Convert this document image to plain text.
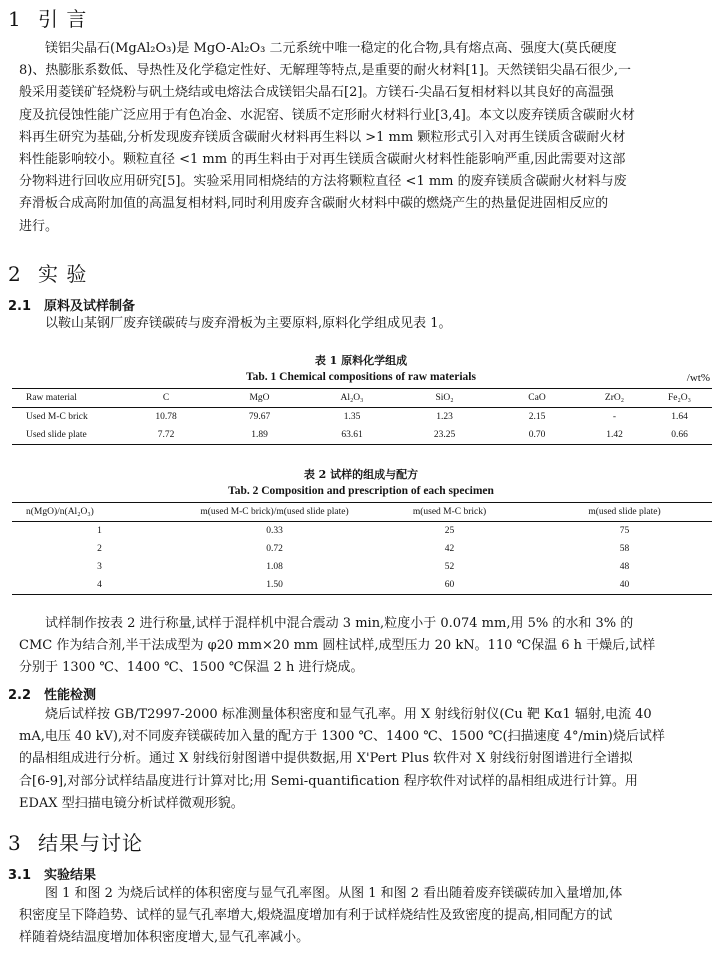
1 引 言
镁铝尖晶石(MgAl₂O₃)是 MgO-Al₂O₃ 二元系统中唯一稳定的化合物,具有熔点高、强度大(莫氏硬度
8)、热膨胀系数低、导热性及化学稳定性好、无解理等特点,是重要的耐火材料[1]。天然镁铝尖晶石很少,一
般采用菱镁矿轻烧粉与矾土烧结或电熔法合成镁铝尖晶石[2]。方镁石-尖晶石复相材料以其良好的高温强
度及抗侵蚀性能广泛应用于有色冶金、水泥窑、镁质不定形耐火材料行业[3,4]。本文以废弃镁质含碳耐火材
料再生研究为基础,分析发现废弃镁质含碳耐火材料再生料以 >1 mm 颗粒形式引入对再生镁质含碳耐火材
料性能影响较小。颗粒直径 <1 mm 的再生料由于对再生镁质含碳耐火材料性能影响严重,因此需要对这部
分物料进行回收应用研究[5]。实验采用同相烧结的方法将颗粒直径 <1 mm 的废弃镁质含碳耐火材料与废
弃滑板合成高附加值的高温复相材料,同时利用废弃含碳耐火材料中碳的燃烧产生的热量促进固相反应的
进行。
2 实 验
2.1 原料及试样制备
以鞍山某钢厂废弃镁碳砖与废弃滑板为主要原料,原料化学组成见表 1。
表 1 原料化学组成
Tab. 1 Chemical compositions of raw materials	/wt%
Raw material	C	MgO	Al₂O₃	SiO₂	CaO	ZrO₂	Fe₂O₃
Used M-C brick	10.78	79.67	1.35	1.23	2.15	-	1.64
Used slide plate	7.72	1.89	63.61	23.25	0.70	1.42	0.66
表 2 试样的组成与配方
Tab. 2 Composition and prescription of each specimen
n(MgO)/n(Al₂O₃)	m(used M-C brick)/m(used slide plate)	m(used M-C brick)	m(used slide plate)
1	0.33	25	75
2	0.72	42	58
3	1.08	52	48
4	1.50	60	40
试样制作按表 2 进行称量,试样于混样机中混合震动 3 min,粒度小于 0.074 mm,用 5% 的水和 3% 的
CMC 作为结合剂,半干法成型为 φ20 mm×20 mm 圆柱试样,成型压力 20 kN。110 ℃保温 6 h 干燥后,试样
分别于 1300 ℃、1400 ℃、1500 ℃保温 2 h 进行烧成。
2.2 性能检测
烧后试样按 GB/T2997-2000 标准测量体积密度和显气孔率。用 X 射线衍射仪(Cu 靶 Kα1 辐射,电流 40
mA,电压 40 kV),对不同废弃镁碳砖加入量的配方于 1300 ℃、1400 ℃、1500 ℃(扫描速度 4°/min)烧后试样
的晶相组成进行分析。通过 X 射线衍射图谱中提供数据,用 X'Pert Plus 软件对 X 射线衍射图谱进行全谱拟
合[6-9],对部分试样结晶度进行计算对比;用 Semi-quantification 程序软件对试样的晶相组成进行计算。用
EDAX 型扫描电镜分析试样微观形貌。
3 结果与讨论
3.1 实验结果
图 1 和图 2 为烧后试样的体积密度与显气孔率图。从图 1 和图 2 看出随着废弃镁碳砖加入量增加,体
积密度呈下降趋势、试样的显气孔率增大,煅烧温度增加有利于试样烧结性及致密度的提高,相同配方的试
样随着烧结温度增加体积密度增大,显气孔率减小。
